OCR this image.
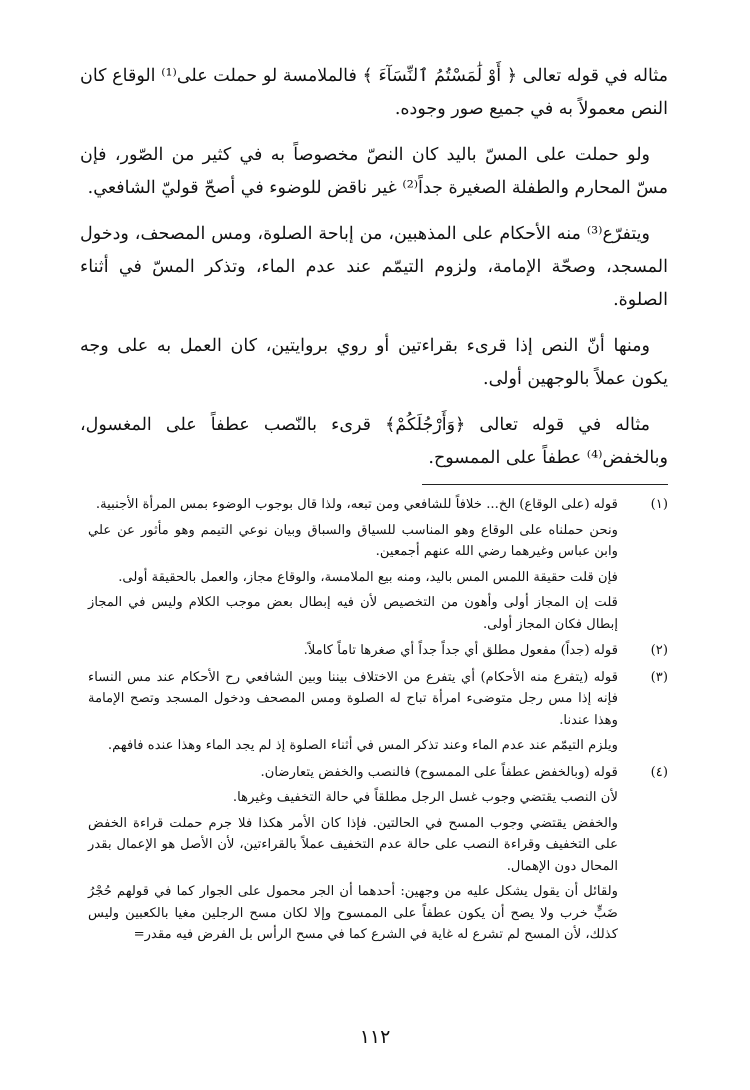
مثاله في قوله تعالى ﴿ أَوْ لَٰمَسْتُمُ ٱلنِّسَآءَ ﴾ فالملامسة لو حملت على⁽¹⁾ الوقاع كان النص معمولاً به في جميع صور وجوده.

ولو حملت على المسّ باليد كان النصّ مخصوصاً به في كثير من الصّور، فإن مسّ المحارم والطفلة الصغيرة جداً⁽²⁾ غير ناقض للوضوء في أصحّ قوليّ الشافعي.

ويتفرّع⁽³⁾ منه الأحكام على المذهبين، من إباحة الصلوة، ومس المصحف، ودخول المسجد، وصحّة الإمامة، ولزوم التيمّم عند عدم الماء، وتذكر المسّ في أثناء الصلوة.

ومنها أنّ النص إذا قرىء بقراءتين أو روي بروايتين، كان العمل به على وجه يكون عملاً بالوجهين أولى.

مثاله في قوله تعالى ﴿وَأَرْجُلَكُمْ﴾ قرىء بالنّصب عطفاً على المغسول، وبالخفض⁽⁴⁾ عطفاً على الممسوح.

(١)

قوله (على الوقاع) الخ... خلافاً للشافعي ومن تبعه، ولذا قال بوجوب الوضوء بمس المرأة الأجنبية.

ونحن حملناه على الوقاع وهو المناسب للسياق والسباق وبيان نوعي التيمم وهو مأثور عن علي وابن عباس وغيرهما رضي الله عنهم أجمعين.

فإن قلت حقيقة اللمس المس باليد، ومنه بيع الملامسة، والوقاع مجاز، والعمل بالحقيقة أولى.

قلت إن المجاز أولى وأهون من التخصيص لأن فيه إبطال بعض موجب الكلام وليس في المجاز إبطال فكان المجاز أولى.

(٢)

قوله (جداً) مفعول مطلق أي جداً جداً أي صغرها تاماً كاملاً.

(٣)

قوله (يتفرع منه الأحكام) أي يتفرع من الاختلاف بيننا وبين الشافعي رح الأحكام عند مس النساء فإنه إذا مس رجل متوضىء امرأة تباح له الصلوة ومس المصحف ودخول المسجد وتصح الإمامة وهذا عندنا.

ويلزم التيمّم عند عدم الماء وعند تذكر المس في أثناء الصلوة إذ لم يجد الماء وهذا عنده فافهم.

(٤)

قوله (وبالخفض عطفاً على الممسوح) فالنصب والخفض يتعارضان.

لأن النصب يقتضي وجوب غسل الرجل مطلقاً في حالة التخفيف وغيرها.

والخفض يقتضي وجوب المسح في الحالتين. فإذا كان الأمر هكذا فلا جرم حملت قراءة الخفض على التخفيف وقراءة النصب على حالة عدم التخفيف عملاً بالقراءتين، لأن الأصل هو الإعمال بقدر المحال دون الإهمال.

ولقائل أن يقول يشكل عليه من وجهين: أحدهما أن الجر محمول على الجوار كما في قولهم حُجْرُ ضَبٍّ خرب ولا يصح أن يكون عطفاً على الممسوح وإلا لكان مسح الرجلين مغيا بالكعبين وليس كذلك، لأن المسح لم تشرع له غاية في الشرع كما في مسح الرأس بل الفرض فيه مقدر=

١١٢
